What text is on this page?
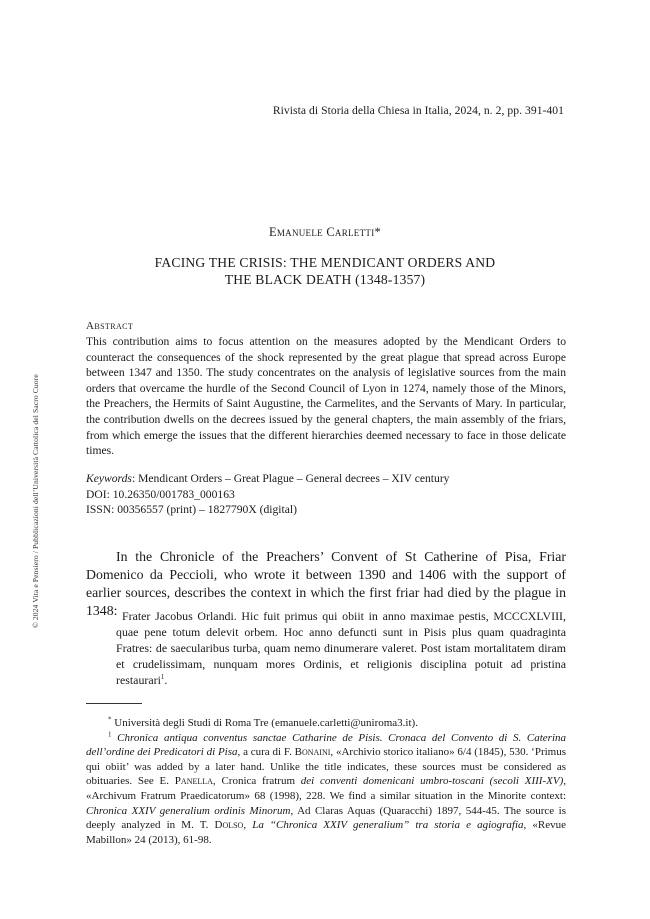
Rivista di Storia della Chiesa in Italia, 2024, n. 2, pp. 391-401
Emanuele Carletti*
FACING THE CRISIS: THE MENDICANT ORDERS AND
THE BLACK DEATH (1348-1357)
Abstract
This contribution aims to focus attention on the measures adopted by the Mendicant Orders to counteract the consequences of the shock represented by the great plague that spread across Europe between 1347 and 1350. The study concentrates on the analysis of legislative sources from the main orders that overcame the hurdle of the Second Council of Lyon in 1274, namely those of the Minors, the Preachers, the Hermits of Saint Augustine, the Carmelites, and the Servants of Mary. In particular, the contribution dwells on the decrees issued by the general chapters, the main assembly of the friars, from which emerge the issues that the different hierarchies deemed necessary to face in those delicate times.
Keywords: Mendicant Orders – Great Plague – General decrees – XIV century
DOI: 10.26350/001783_000163
ISSN: 00356557 (print) – 1827790X (digital)
In the Chronicle of the Preachers’ Convent of St Catherine of Pisa, Friar Domenico da Peccioli, who wrote it between 1390 and 1406 with the support of earlier sources, describes the context in which the first friar had died by the plague in 1348: Frater Jacobus Orlandi. Hic fuit primus qui obiit in anno maximae pestis, MCCCXLVIII, quae pene totum delevit orbem. Hoc anno defuncti sunt in Pisis plus quam quadraginta Fratres: de saecularibus turba, quam nemo dinumerare valeret. Post istam mortalitatem diram et crudelissimam, nunquam mores Ordinis, et religionis disciplina potuit ad pristina restaurari$^1$.

* Università degli Studi di Roma Tre (emanuele.carletti@uniroma3.it).

$^1$ Chronica antiqua conventus sanctae Catharine de Pisis. Cronaca del Convento di S. Caterina dell’ordine dei Predicatori di Pisa, a cura di F. Bonaini, «Archivio storico italiano» 6/4 (1845), 530. ‘Primus qui obiit’ was added by a later hand. Unlike the title indicates, these sources must be considered as obituaries. See E. Panella, Cronica fratrum dei conventi domenicani umbro-toscani (secoli XIII-XV), «Archivum Fratrum Praedicatorum» 68 (1998), 228. We find a similar situation in the Minorite context: Chronica XXIV generalium ordinis Minorum, Ad Claras Aquas (Quaracchi) 1897, 544-45. The source is deeply analyzed in M. T. Dolso, La “Chronica XXIV generalium” tra storia e agiografia, «Revue Mabillon» 24 (2013), 61-98.

© 2024 Vita e Pensiero / Pubblicazioni dell’Università Cattolica del Sacro Cuore
